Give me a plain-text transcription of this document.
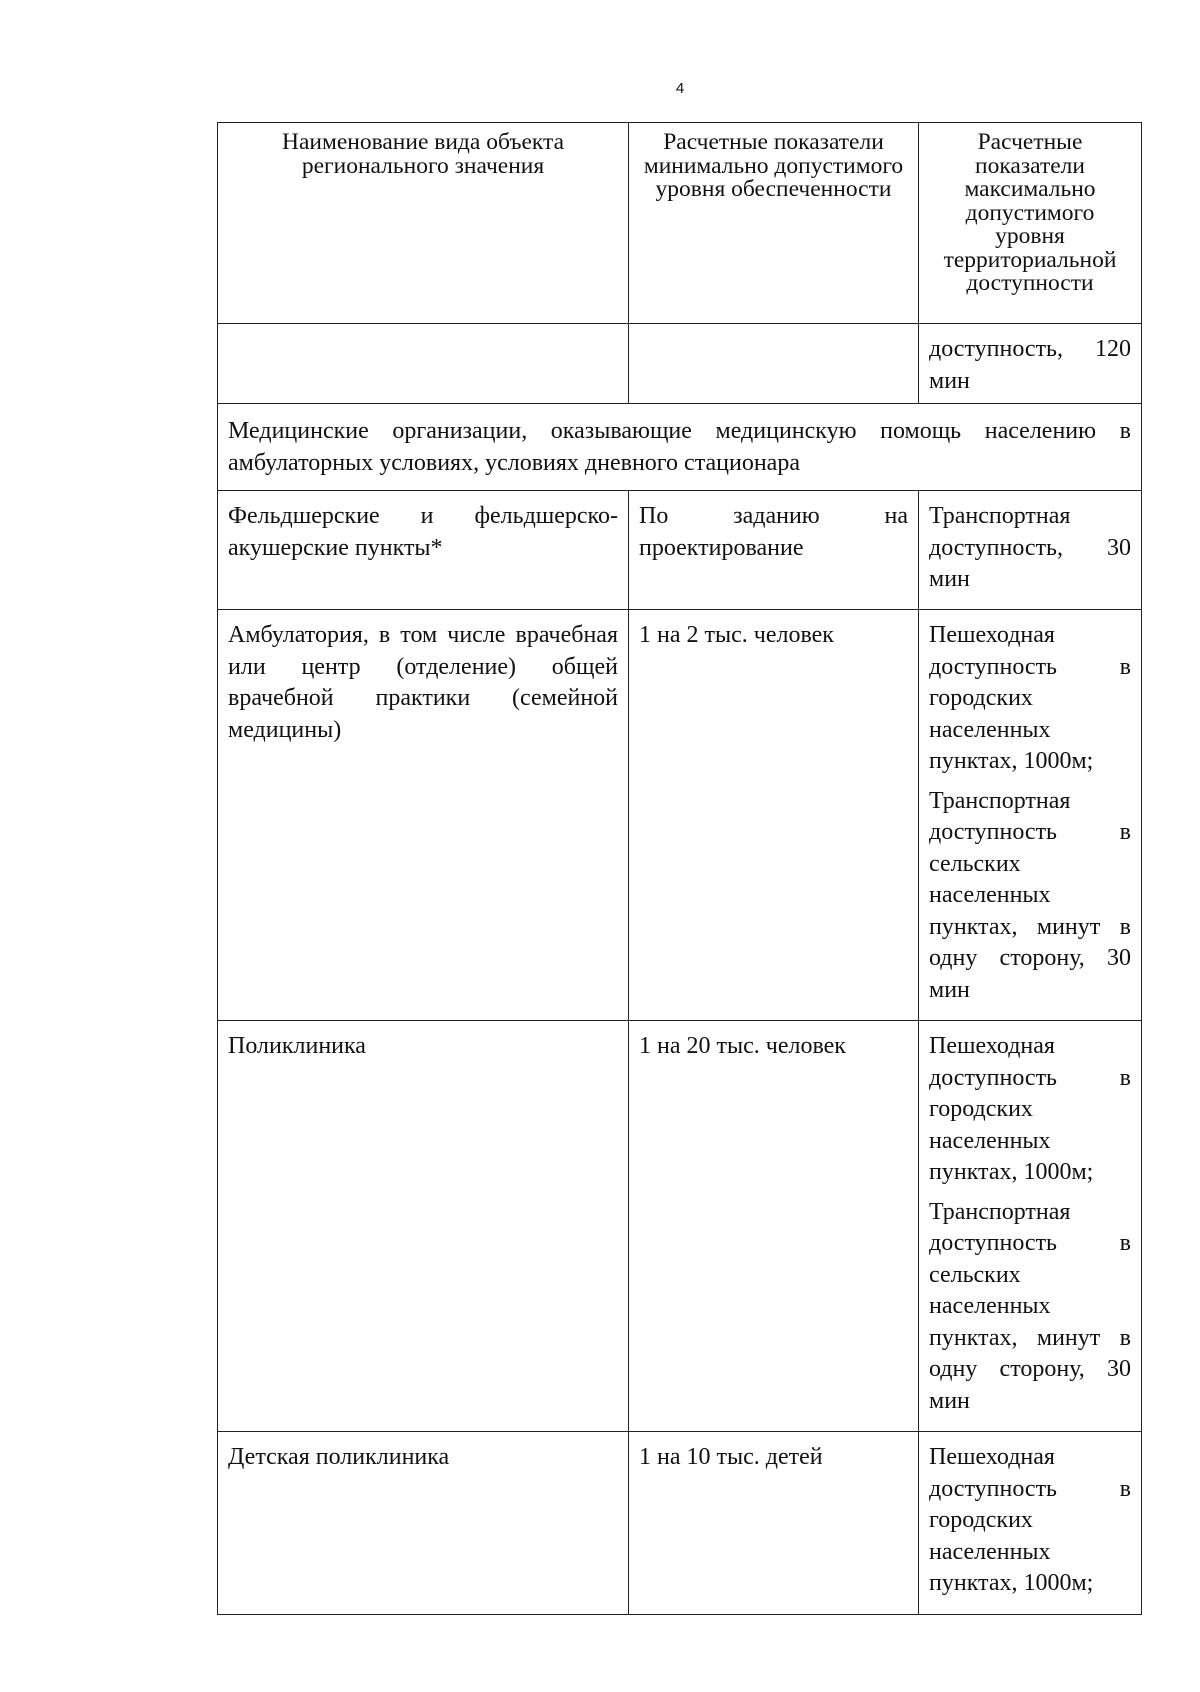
4
Наименование вида объекта регионального значения	Расчетные показатели минимально допустимого уровня обеспеченности	Расчетные показатели максимально допустимого уровня территориальной доступности
		доступность, 120 мин
Медицинские организации, оказывающие медицинскую помощь населению в амбулаторных условиях, условиях дневного стационара		
Фельдшерские и фельдшерско-акушерские пункты*	По заданию на проектирование	Транспортная доступность, 30 мин

Амбулатория, в том числе врачебная или центр (отделение) общей врачебной практики (семейной медицины)	1 на 2 тыс. человек	Пешеходная доступность в городских населенных пунктах, 1000м;
Транспортная доступность в сельских населенных пунктах, минут в одну сторону, 30 мин

Поликлиника	1 на 20 тыс. человек	Пешеходная доступность в городских населенных пунктах, 1000м;
Транспортная доступность в сельских населенных пунктах, минут в одну сторону, 30 мин

Детская поликлиника	1 на 10 тыс. детей	Пешеходная доступность в городских населенных пунктах, 1000м;
